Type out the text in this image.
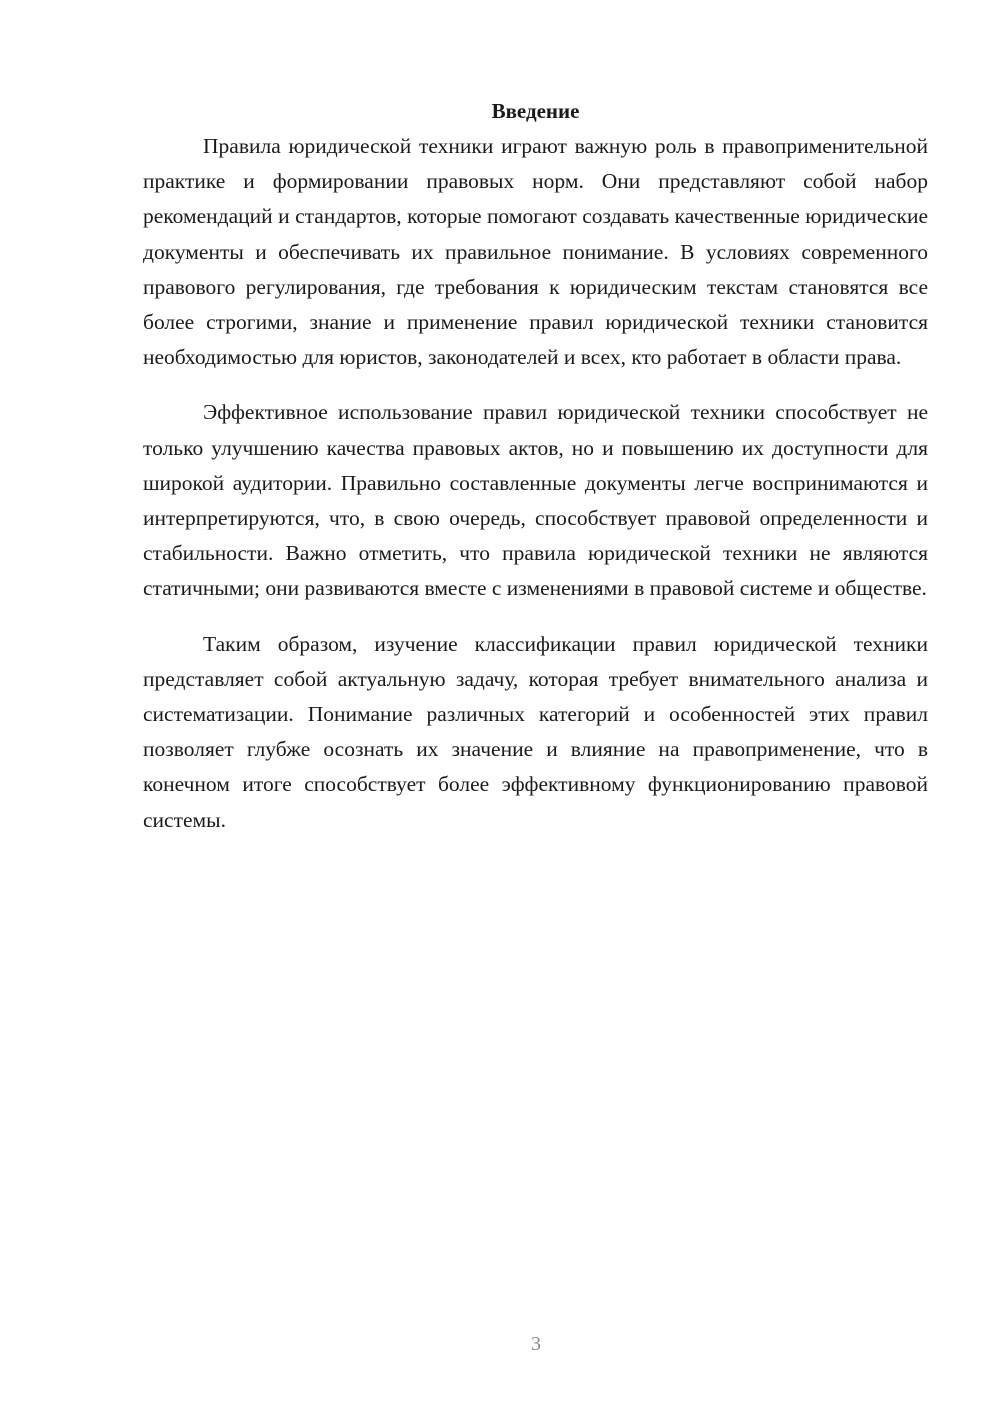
Введение

Правила юридической техники играют важную роль в правоприменительной практике и формировании правовых норм. Они представляют собой набор рекомендаций и стандартов, которые помогают создавать качественные юридические документы и обеспечивать их правильное понимание. В условиях современного правового регулирования, где требования к юридическим текстам становятся все более строгими, знание и применение правил юридической техники становится необходимостью для юристов, законодателей и всех, кто работает в области права.

Эффективное использование правил юридической техники способствует не только улучшению качества правовых актов, но и повышению их доступности для широкой аудитории. Правильно составленные документы легче воспринимаются и интерпретируются, что, в свою очередь, способствует правовой определенности и стабильности. Важно отметить, что правила юридической техники не являются статичными; они развиваются вместе с изменениями в правовой системе и обществе.

Таким образом, изучение классификации правил юридической техники представляет собой актуальную задачу, которая требует внимательного анализа и систематизации. Понимание различных категорий и особенностей этих правил позволяет глубже осознать их значение и влияние на правоприменение, что в конечном итоге способствует более эффективному функционированию правовой системы.

3
